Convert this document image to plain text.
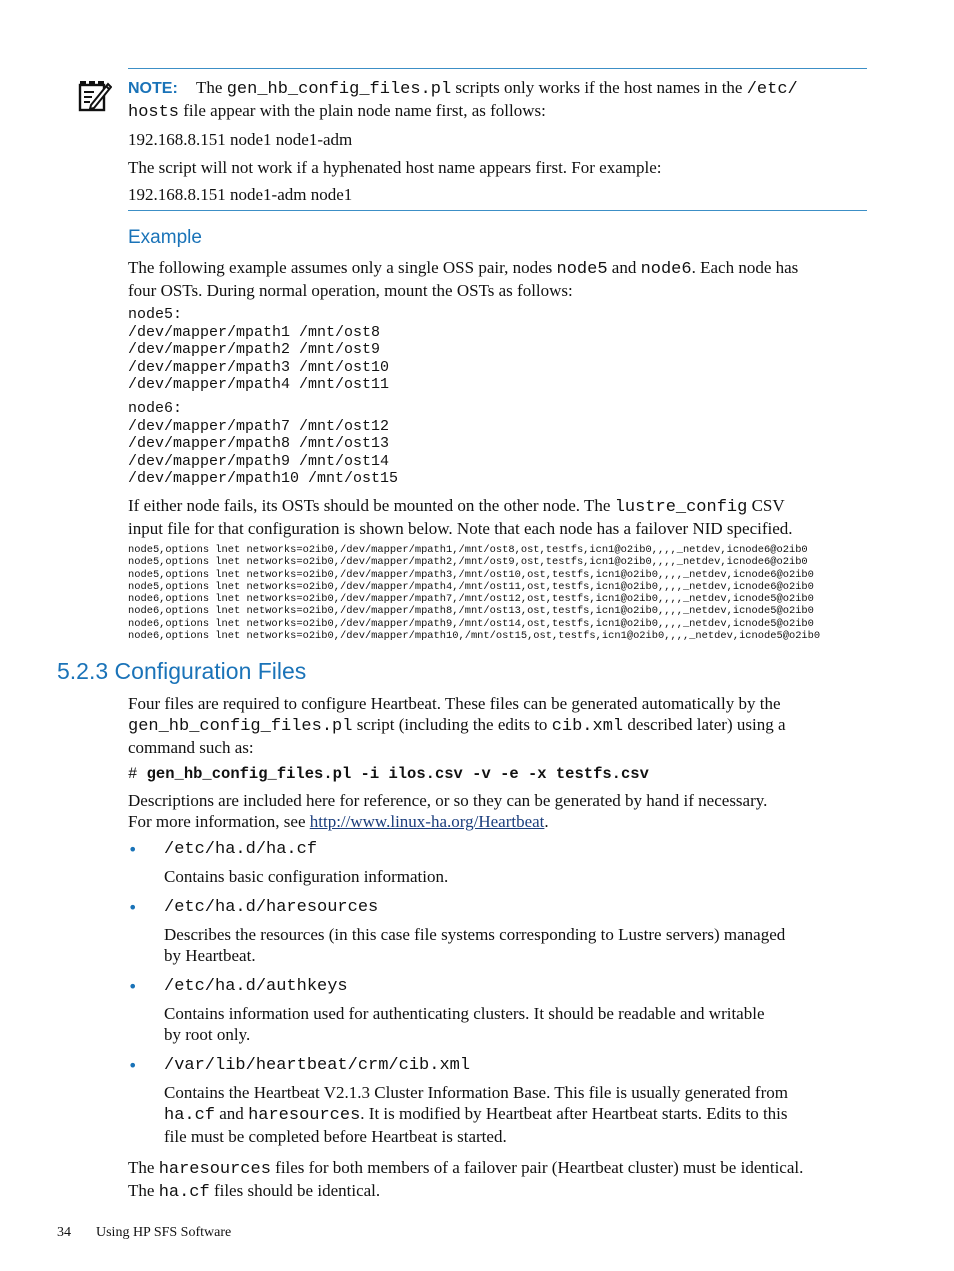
NOTE: The gen_hb_config_files.pl scripts only works if the host names in the /etc/

hosts file appear with the plain node name first, as follows:

192.168.8.151 node1 node1-adm

The script will not work if a hyphenated host name appears first. For example:

192.168.8.151 node1-adm node1

Example

The following example assumes only a single OSS pair, nodes node5 and node6. Each node has

four OSTs. During normal operation, mount the OSTs as follows:

node5:
/dev/mapper/mpath1 /mnt/ost8
/dev/mapper/mpath2 /mnt/ost9
/dev/mapper/mpath3 /mnt/ost10
/dev/mapper/mpath4 /mnt/ost11
node6:
/dev/mapper/mpath7 /mnt/ost12
/dev/mapper/mpath8 /mnt/ost13
/dev/mapper/mpath9 /mnt/ost14
/dev/mapper/mpath10 /mnt/ost15

If either node fails, its OSTs should be mounted on the other node. The lustre_config CSV

input file for that configuration is shown below. Note that each node has a failover NID specified.

node5,options lnet networks=o2ib0,/dev/mapper/mpath1,/mnt/ost8,ost,testfs,icn1@o2ib0,,,,_netdev,icnode6@o2ib0
node5,options lnet networks=o2ib0,/dev/mapper/mpath2,/mnt/ost9,ost,testfs,icn1@o2ib0,,,,_netdev,icnode6@o2ib0
node5,options lnet networks=o2ib0,/dev/mapper/mpath3,/mnt/ost10,ost,testfs,icn1@o2ib0,,,,_netdev,icnode6@o2ib0
node5,options lnet networks=o2ib0,/dev/mapper/mpath4,/mnt/ost11,ost,testfs,icn1@o2ib0,,,,_netdev,icnode6@o2ib0
node6,options lnet networks=o2ib0,/dev/mapper/mpath7,/mnt/ost12,ost,testfs,icn1@o2ib0,,,,_netdev,icnode5@o2ib0
node6,options lnet networks=o2ib0,/dev/mapper/mpath8,/mnt/ost13,ost,testfs,icn1@o2ib0,,,,_netdev,icnode5@o2ib0
node6,options lnet networks=o2ib0,/dev/mapper/mpath9,/mnt/ost14,ost,testfs,icn1@o2ib0,,,,_netdev,icnode5@o2ib0
node6,options lnet networks=o2ib0,/dev/mapper/mpath10,/mnt/ost15,ost,testfs,icn1@o2ib0,,,,_netdev,icnode5@o2ib0
5.2.3 Configuration Files

Four files are required to configure Heartbeat. These files can be generated automatically by the

gen_hb_config_files.pl script (including the edits to cib.xml described later) using a

command such as:

# gen_hb_config_files.pl -i ilos.csv -v -e -x testfs.csv

Descriptions are included here for reference, or so they can be generated by hand if necessary.

For more information, see http://www.linux-ha.org/Heartbeat.

• /etc/ha.d/ha.cf

Contains basic configuration information.

• /etc/ha.d/haresources

Describes the resources (in this case file systems corresponding to Lustre servers) managed

by Heartbeat.

• /etc/ha.d/authkeys

Contains information used for authenticating clusters. It should be readable and writable

by root only.

• /var/lib/heartbeat/crm/cib.xml

Contains the Heartbeat V2.1.3 Cluster Information Base. This file is usually generated from

ha.cf and haresources. It is modified by Heartbeat after Heartbeat starts. Edits to this

file must be completed before Heartbeat is started.

The haresources files for both members of a failover pair (Heartbeat cluster) must be identical.

The ha.cf files should be identical.

34 Using HP SFS Software
